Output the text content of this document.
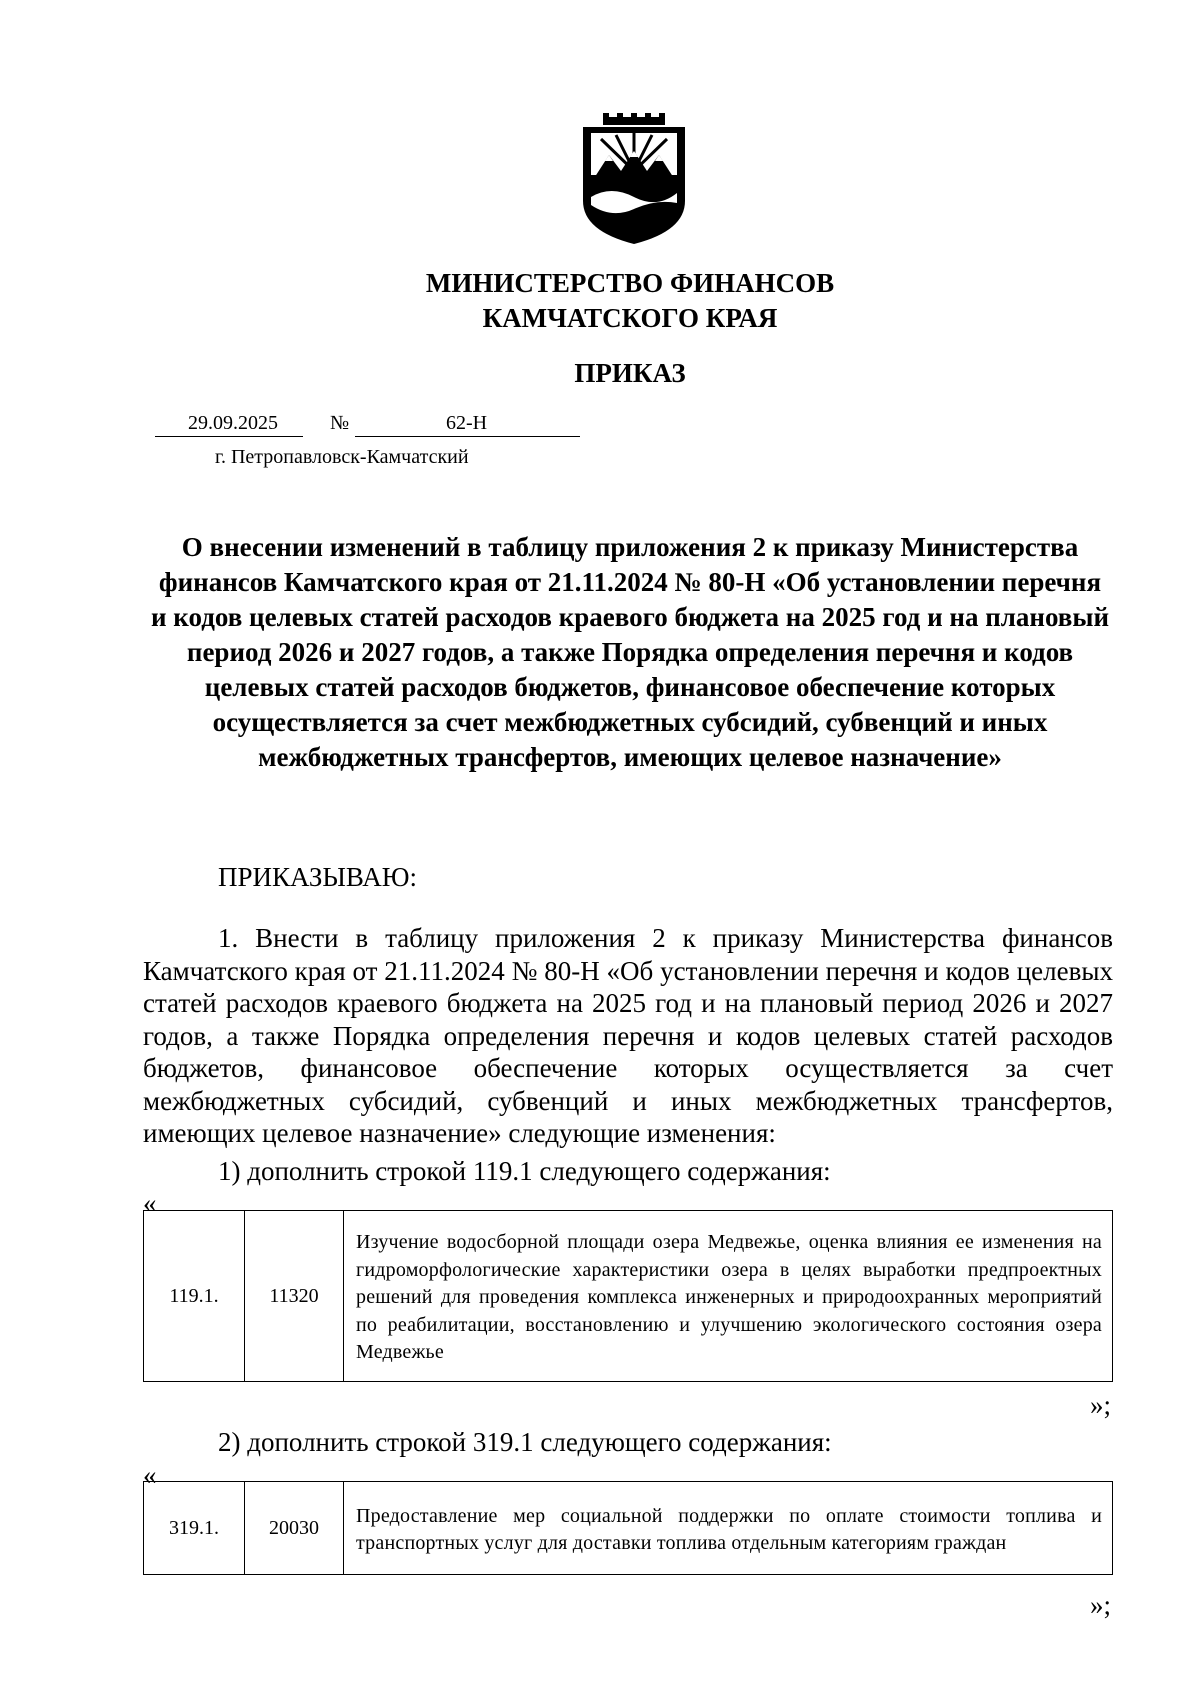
МИНИСТЕРСТВО ФИНАНСОВ
КАМЧАТСКОГО КРАЯ
ПРИКАЗ
29.09.2025	№	62-Н
г. Петропавловск-Камчатский
О внесении изменений в таблицу приложения 2 к приказу Министерства финансов Камчатского края от 21.11.2024 № 80-Н «Об установлении перечня и кодов целевых статей расходов краевого бюджета на 2025 год и на плановый период 2026 и 2027 годов, а также Порядка определения перечня и кодов целевых статей расходов бюджетов, финансовое обеспечение которых осуществляется за счет межбюджетных субсидий, субвенций и иных межбюджетных трансфертов, имеющих целевое назначение»
ПРИКАЗЫВАЮ:
1. Внести в таблицу приложения 2 к приказу Министерства финансов Камчатского края от 21.11.2024 № 80-Н «Об установлении перечня и кодов целевых статей расходов краевого бюджета на 2025 год и на плановый период 2026 и 2027 годов, а также Порядка определения перечня и кодов целевых статей расходов бюджетов, финансовое обеспечение которых осуществляется за счет межбюджетных субсидий, субвенций и иных межбюджетных трансфертов, имеющих целевое назначение» следующие изменения:
1) дополнить строкой 119.1 следующего содержания:
«
119.1.	11320	Изучение водосборной площади озера Медвежье, оценка влияния ее изменения на гидроморфологические характеристики озера в целях выработки предпроектных решений для проведения комплекса инженерных и природоохранных мероприятий по реабилитации, восстановлению и улучшению экологического состояния озера Медвежье
»;
2) дополнить строкой 319.1 следующего содержания:
«
319.1.	20030	Предоставление мер социальной поддержки по оплате стоимости топлива и транспортных услуг для доставки топлива отдельным категориям граждан
»;
